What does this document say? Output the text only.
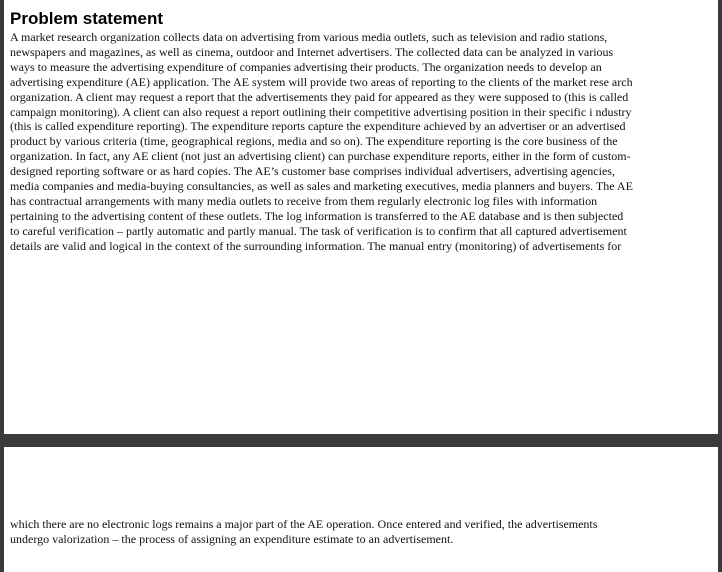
Problem statement

A market research organization collects data on advertising from various media outlets, such as television and radio stations,
newspapers and magazines, as well as cinema, outdoor and Internet advertisers. The collected data can be analyzed in various
ways to measure the advertising expenditure of companies advertising their products. The organization needs to develop an
advertising expenditure (AE) application. The AE system will provide two areas of reporting to the clients of the market rese arch
organization. A client may request a report that the advertisements they paid for appeared as they were supposed to (this is called
campaign monitoring). A client can also request a report outlining their competitive advertising position in their specific i ndustry
(this is called expenditure reporting). The expenditure reports capture the expenditure achieved by an advertiser or an advertised
product by various criteria (time, geographical regions, media and so on). The expenditure reporting is the core business of the
organization. In fact, any AE client (not just an advertising client) can purchase expenditure reports, either in the form of custom-
designed reporting software or as hard copies. The AE’s customer base comprises individual advertisers, advertising agencies,
media companies and media-buying consultancies, as well as sales and marketing executives, media planners and buyers. The AE
has contractual arrangements with many media outlets to receive from them regularly electronic log files with information
pertaining to the advertising content of these outlets. The log information is transferred to the AE database and is then subjected
to careful verification – partly automatic and partly manual. The task of verification is to confirm that all captured advertisement
details are valid and logical in the context of the surrounding information. The manual entry (monitoring) of advertisements for

which there are no electronic logs remains a major part of the AE operation. Once entered and verified, the advertisements
undergo valorization – the process of assigning an expenditure estimate to an advertisement.
